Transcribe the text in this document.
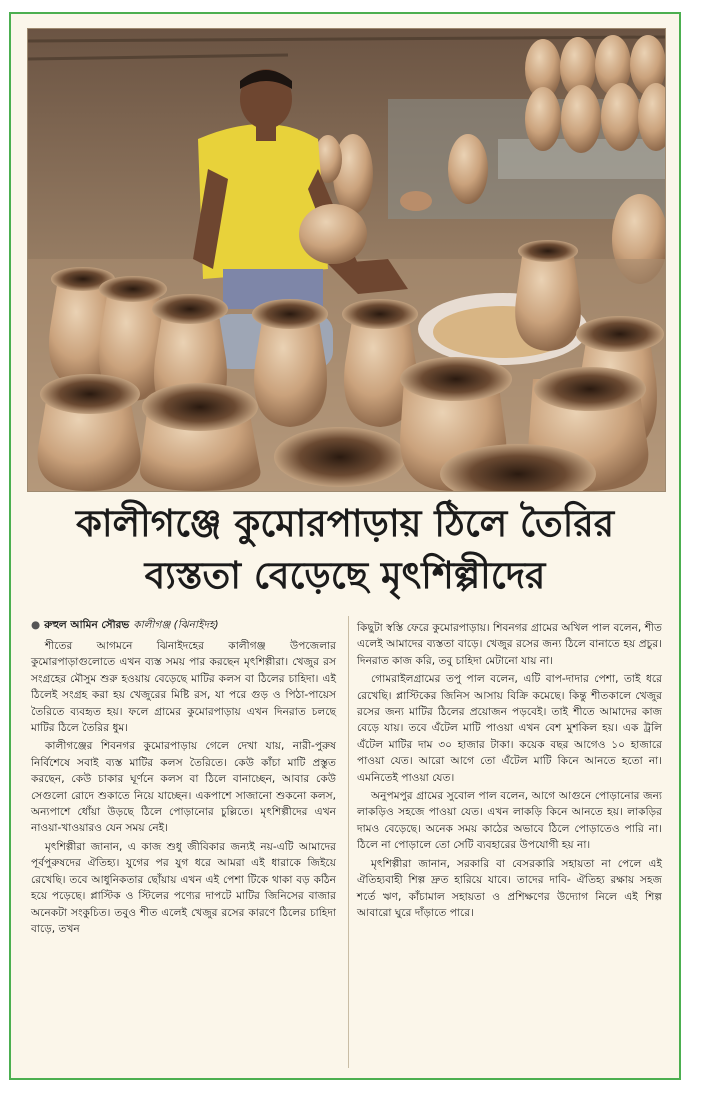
কালীগঞ্জে কুমোরপাড়ায় ঠিলে তৈরির
ব্যস্ততা বেড়েছে মৃৎশিল্পীদের
● রুহুল আমিন সৌরভ কালীগঞ্জ (ঝিনাইদহ)

শীতের আগমনে ঝিনাইদহের কালীগঞ্জ উপজেলার কুমোরপাড়াগুলোতে এখন ব্যস্ত সময় পার করছেন মৃৎশিল্পীরা। খেজুর রস সংগ্রহের মৌসুম শুরু হওয়ায় বেড়েছে মাটির কলস বা ঠিলের চাহিদা। এই ঠিলেই সংগ্রহ করা হয় খেজুরের মিষ্টি রস, যা পরে গুড় ও পিঠা-পায়েস তৈরিতে ব্যবহৃত হয়। ফলে গ্রামের কুমোরপাড়ায় এখন দিনরাত চলছে মাটির ঠিলে তৈরির ধুম।

কালীগঞ্জের শিবনগর কুমোরপাড়ায় গেলে দেখা যায়, নারী-পুরুষ নির্বিশেষে সবাই ব্যস্ত মাটির কলস তৈরিতে। কেউ কাঁচা মাটি প্রস্তুত করছেন, কেউ চাকার ঘূর্ণনে কলস বা ঠিলে বানাচ্ছেন, আবার কেউ সেগুলো রোদে শুকাতে নিয়ে যাচ্ছেন। একপাশে সাজানো শুকনো কলস, অন্যপাশে ধোঁয়া উড়ছে ঠিলে পোড়ানোর চুল্লিতে। মৃৎশিল্পীদের এখন নাওয়া-খাওয়ারও যেন সময় নেই।

মৃৎশিল্পীরা জানান, এ কাজ শুধু জীবিকার জন্যই নয়-এটি আমাদের পূর্বপুরুষদের ঐতিহ্য। যুগের পর যুগ ধরে আমরা এই ধারাকে জিইয়ে রেখেছি। তবে আধুনিকতার ছোঁয়ায় এখন এই পেশা টিকে থাকা বড় কঠিন হয়ে পড়েছে। প্লাস্টিক ও স্টিলের পণ্যের দাপটে মাটির জিনিসের বাজার অনেকটা সংকুচিত। তবুও শীত এলেই খেজুর রসের কারণে ঠিলের চাহিদা বাড়ে, তখন

কিছুটা স্বস্তি ফেরে কুমোরপাড়ায়। শিবনগর গ্রামের অখিল পাল বলেন, শীত এলেই আমাদের ব্যস্ততা বাড়ে। খেজুর রসের জন্য ঠিলে বানাতে হয় প্রচুর। দিনরাত কাজ করি, তবু চাহিদা মেটানো যায় না।

গোমরাইলগ্রামের তপু পাল বলেন, এটি বাপ-দাদার পেশা, তাই ধরে রেখেছি। প্লাস্টিকের জিনিস আসায় বিক্রি কমেছে। কিন্তু শীতকালে খেজুর রসের জন্য মাটির ঠিলের প্রয়োজন পড়বেই। তাই শীতে আমাদের কাজ বেড়ে যায়। তবে এঁটেল মাটি পাওয়া এখন বেশ মুশকিল হয়। এক ট্রলি এঁটেল মাটির দাম ৩০ হাজার টাকা। কয়েক বছর আগেও ১০ হাজারে পাওয়া যেত। আরো আগে তো এঁটেল মাটি কিনে আনতে হতো না। এমনিতেই পাওয়া যেত।

অনুপমপুর গ্রামের সুবোল পাল বলেন, আগে আগুনে পোড়ানোর জন্য লাকড়িও সহজে পাওয়া যেত। এখন লাকড়ি কিনে আনতে হয়। লাকড়ির দামও বেড়েছে। অনেক সময় কাঠের অভাবে ঠিলে পোড়াতেও পারি না। ঠিলে না পোড়ালে তো সেটি ব্যবহারের উপযোগী হয় না।

মৃৎশিল্পীরা জানান, সরকারি বা বেসরকারি সহায়তা না পেলে এই ঐতিহ্যবাহী শিল্প দ্রুত হারিয়ে যাবে। তাদের দাবি- ঐতিহ্য রক্ষায় সহজ শর্তে ঋণ, কাঁচামাল সহায়তা ও প্রশিক্ষণের উদ্যোগ নিলে এই শিল্প আবারো ঘুরে দাঁড়াতে পারে।
